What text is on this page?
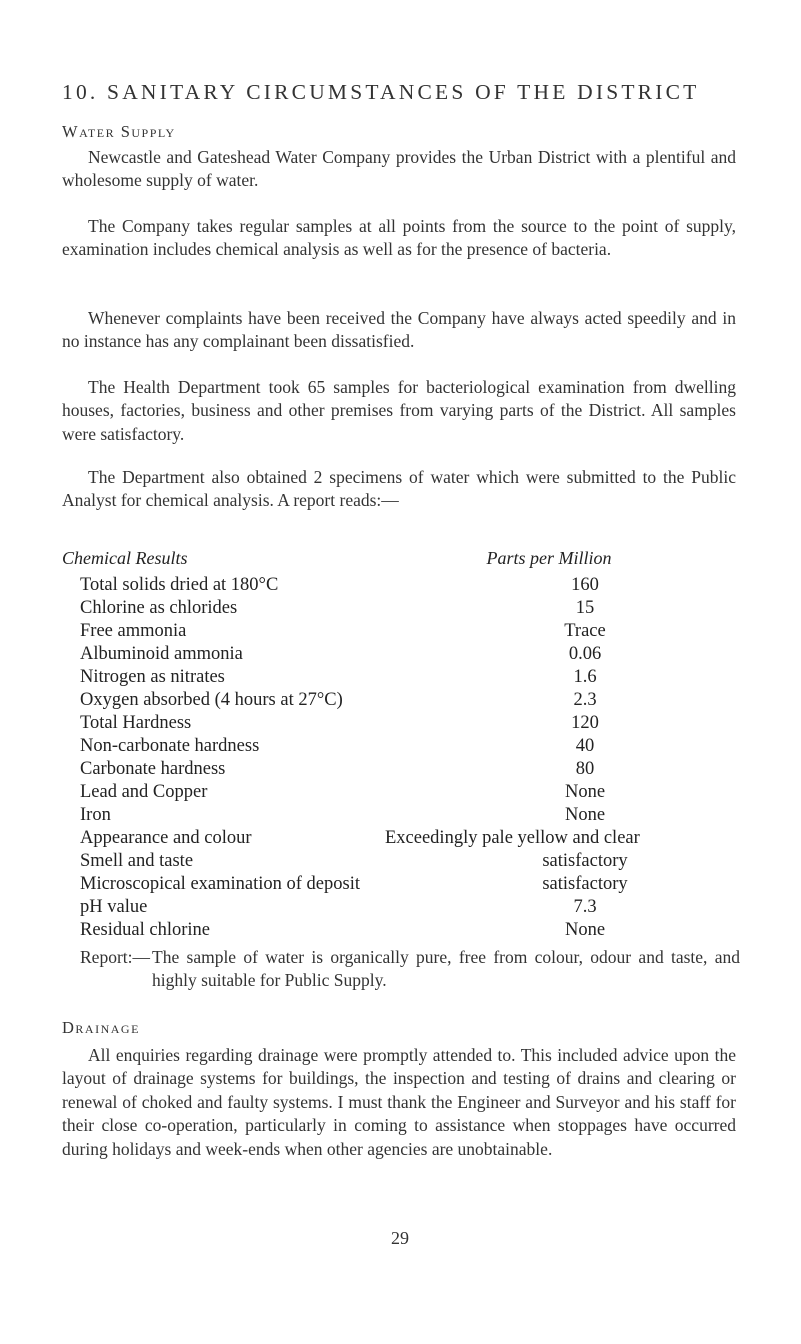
10. SANITARY CIRCUMSTANCES OF THE DISTRICT
Water Supply

Newcastle and Gateshead Water Company provides the Urban District with a plentiful and wholesome supply of water.

The Company takes regular samples at all points from the source to the point of supply, examination includes chemical analysis as well as for the presence of bacteria.

Whenever complaints have been received the Company have always acted speedily and in no instance has any complainant been dissatisfied.

The Health Department took 65 samples for bacteriological examination from dwelling houses, factories, business and other premises from varying parts of the District. All samples were satisfactory.

The Department also obtained 2 specimens of water which were submitted to the Public Analyst for chemical analysis. A report reads:—

Chemical Results	Parts per Million
Total solids dried at 180°C	160
Chlorine as chlorides	15
Free ammonia	Trace
Albuminoid ammonia	0.06
Nitrogen as nitrates	1.6
Oxygen absorbed (4 hours at 27°C)	2.3
Total Hardness	120
Non-carbonate hardness	40
Carbonate hardness	80
Lead and Copper	None
Iron	None
Appearance and colour	Exceedingly pale yellow and clear
Smell and taste	satisfactory
Microscopical examination of deposit	satisfactory
pH value	7.3
Residual chlorine	None
Report:— The sample of water is organically pure, free from colour, odour and taste, and highly suitable for Public Supply.

Drainage

All enquiries regarding drainage were promptly attended to. This included advice upon the layout of drainage systems for buildings, the inspection and testing of drains and clearing or renewal of choked and faulty systems. I must thank the Engineer and Surveyor and his staff for their close co-operation, particularly in coming to assistance when stoppages have occurred during holidays and week-ends when other agencies are unobtainable.

29
